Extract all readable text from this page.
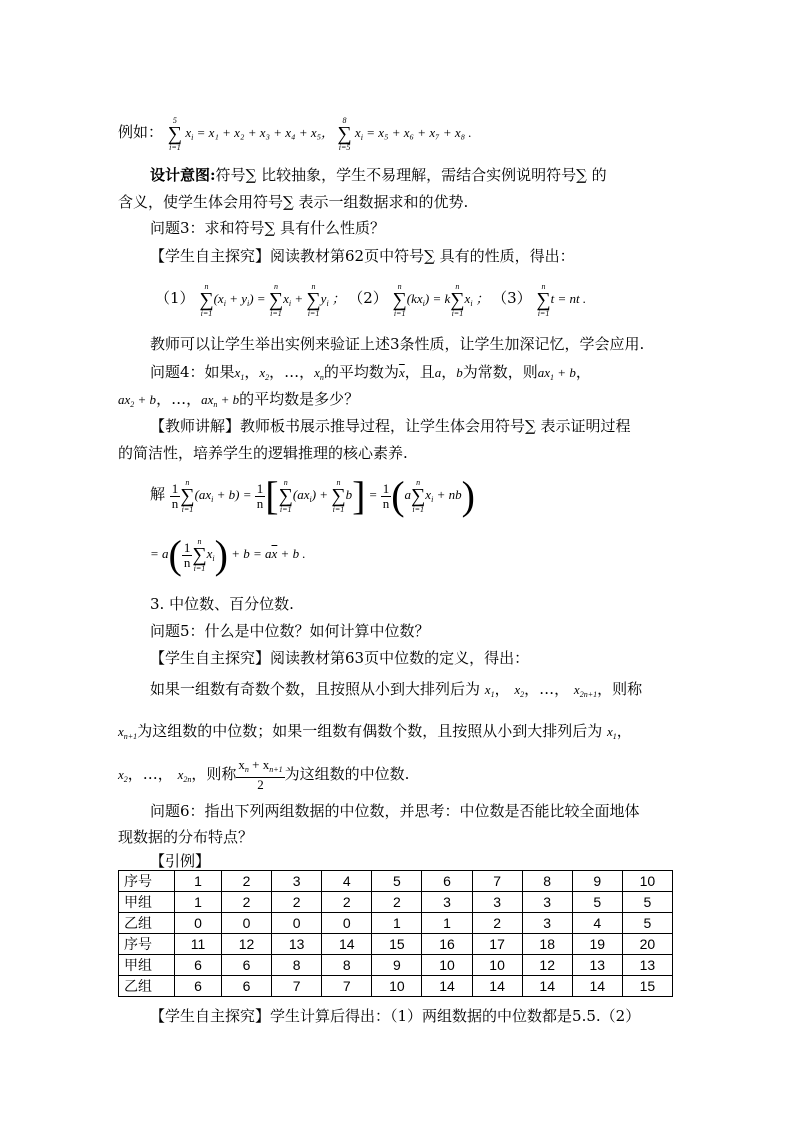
例如：
5
∑
i=1
$x_i = x_1 + x_2 + x_3 + x_4 + x_5$，
8
∑
i=5
$x_i = x_5 + x_6 + x_7 + x_8$ .
设计意图:符号∑ 比较抽象，学生不易理解，需结合实例说明符号∑ 的
含义，使学生体会用符号∑ 表示一组数据求和的优势.
问题3：求和符号∑ 具有什么性质？
【学生自主探究】阅读教材第62页中符号∑ 具有的性质，得出：
（1）
n
∑
i=1
$(x_i + y_i)$ =
n
∑
i=1
$x_i$ +
n
∑
i=1
$y_i$ ； （2）
n
∑
i=1
$(kx_i) = k$
n
∑
i=1
$x_i$ ； （3）
n
∑
i=1
t = nt .
教师可以让学生举出实例来验证上述3条性质，让学生加深记忆，学会应用.
问题4：如果$x_1$，$x_2$，…，$x_n$的平均数为$\overline{x}$，且a，b为常数，则$ax_1 + b$，
$ax_2 + b$，…，$ax_n + b$的平均数是多少？
【教师讲解】教师板书展示推导过程，让学生体会用符号∑ 表示证明过程
的简洁性，培养学生的逻辑推理的核心素养.
解 $\frac{1}{n}$ n
∑
i=1
$(ax_i + b) = \frac{1}{n}$ [ n
∑
i=1
$(ax_i)$ +
n
∑
i=1
$b] = \frac{1}{n} (a$
n
∑
i=1
$x_i + nb$)
= $a( \frac{1}{n}$ n
∑
i=1
$x_i) + b = a\overline{x} + b$ .
3. 中位数、百分位数.
问题5：什么是中位数？如何计算中位数？
【学生自主探究】阅读教材第63页中位数的定义，得出：
如果一组数有奇数个数，且按照从小到大排列后为 $x_1$， $x_2$，…， $x_{2n+1}$，则称
$x_{n+1}$为这组数的中位数；如果一组数有偶数个数，且按照从小到大排列后为 $x_1$，
$x_2$，…， $x_{2n}$，则称 $\frac{x_n + x_{n+1}}{2}$ 为这组数的中位数.
问题6：指出下列两组数据的中位数，并思考：中位数是否能比较全面地体
现数据的分布特点？
【引例】
序号	1	2	3	4	5	6	7	8	9	10
甲组	1	2	2	2	2	3	3	3	5	5
乙组	0	0	0	0	1	1	2	3	4	5
序号	11	12	13	14	15	16	17	18	19	20
甲组	6	6	8	8	9	10	10	12	13	13
乙组	6	6	7	7	10	14	14	14	14	15
【学生自主探究】学生计算后得出：（1）两组数据的中位数都是5.5.（2）
